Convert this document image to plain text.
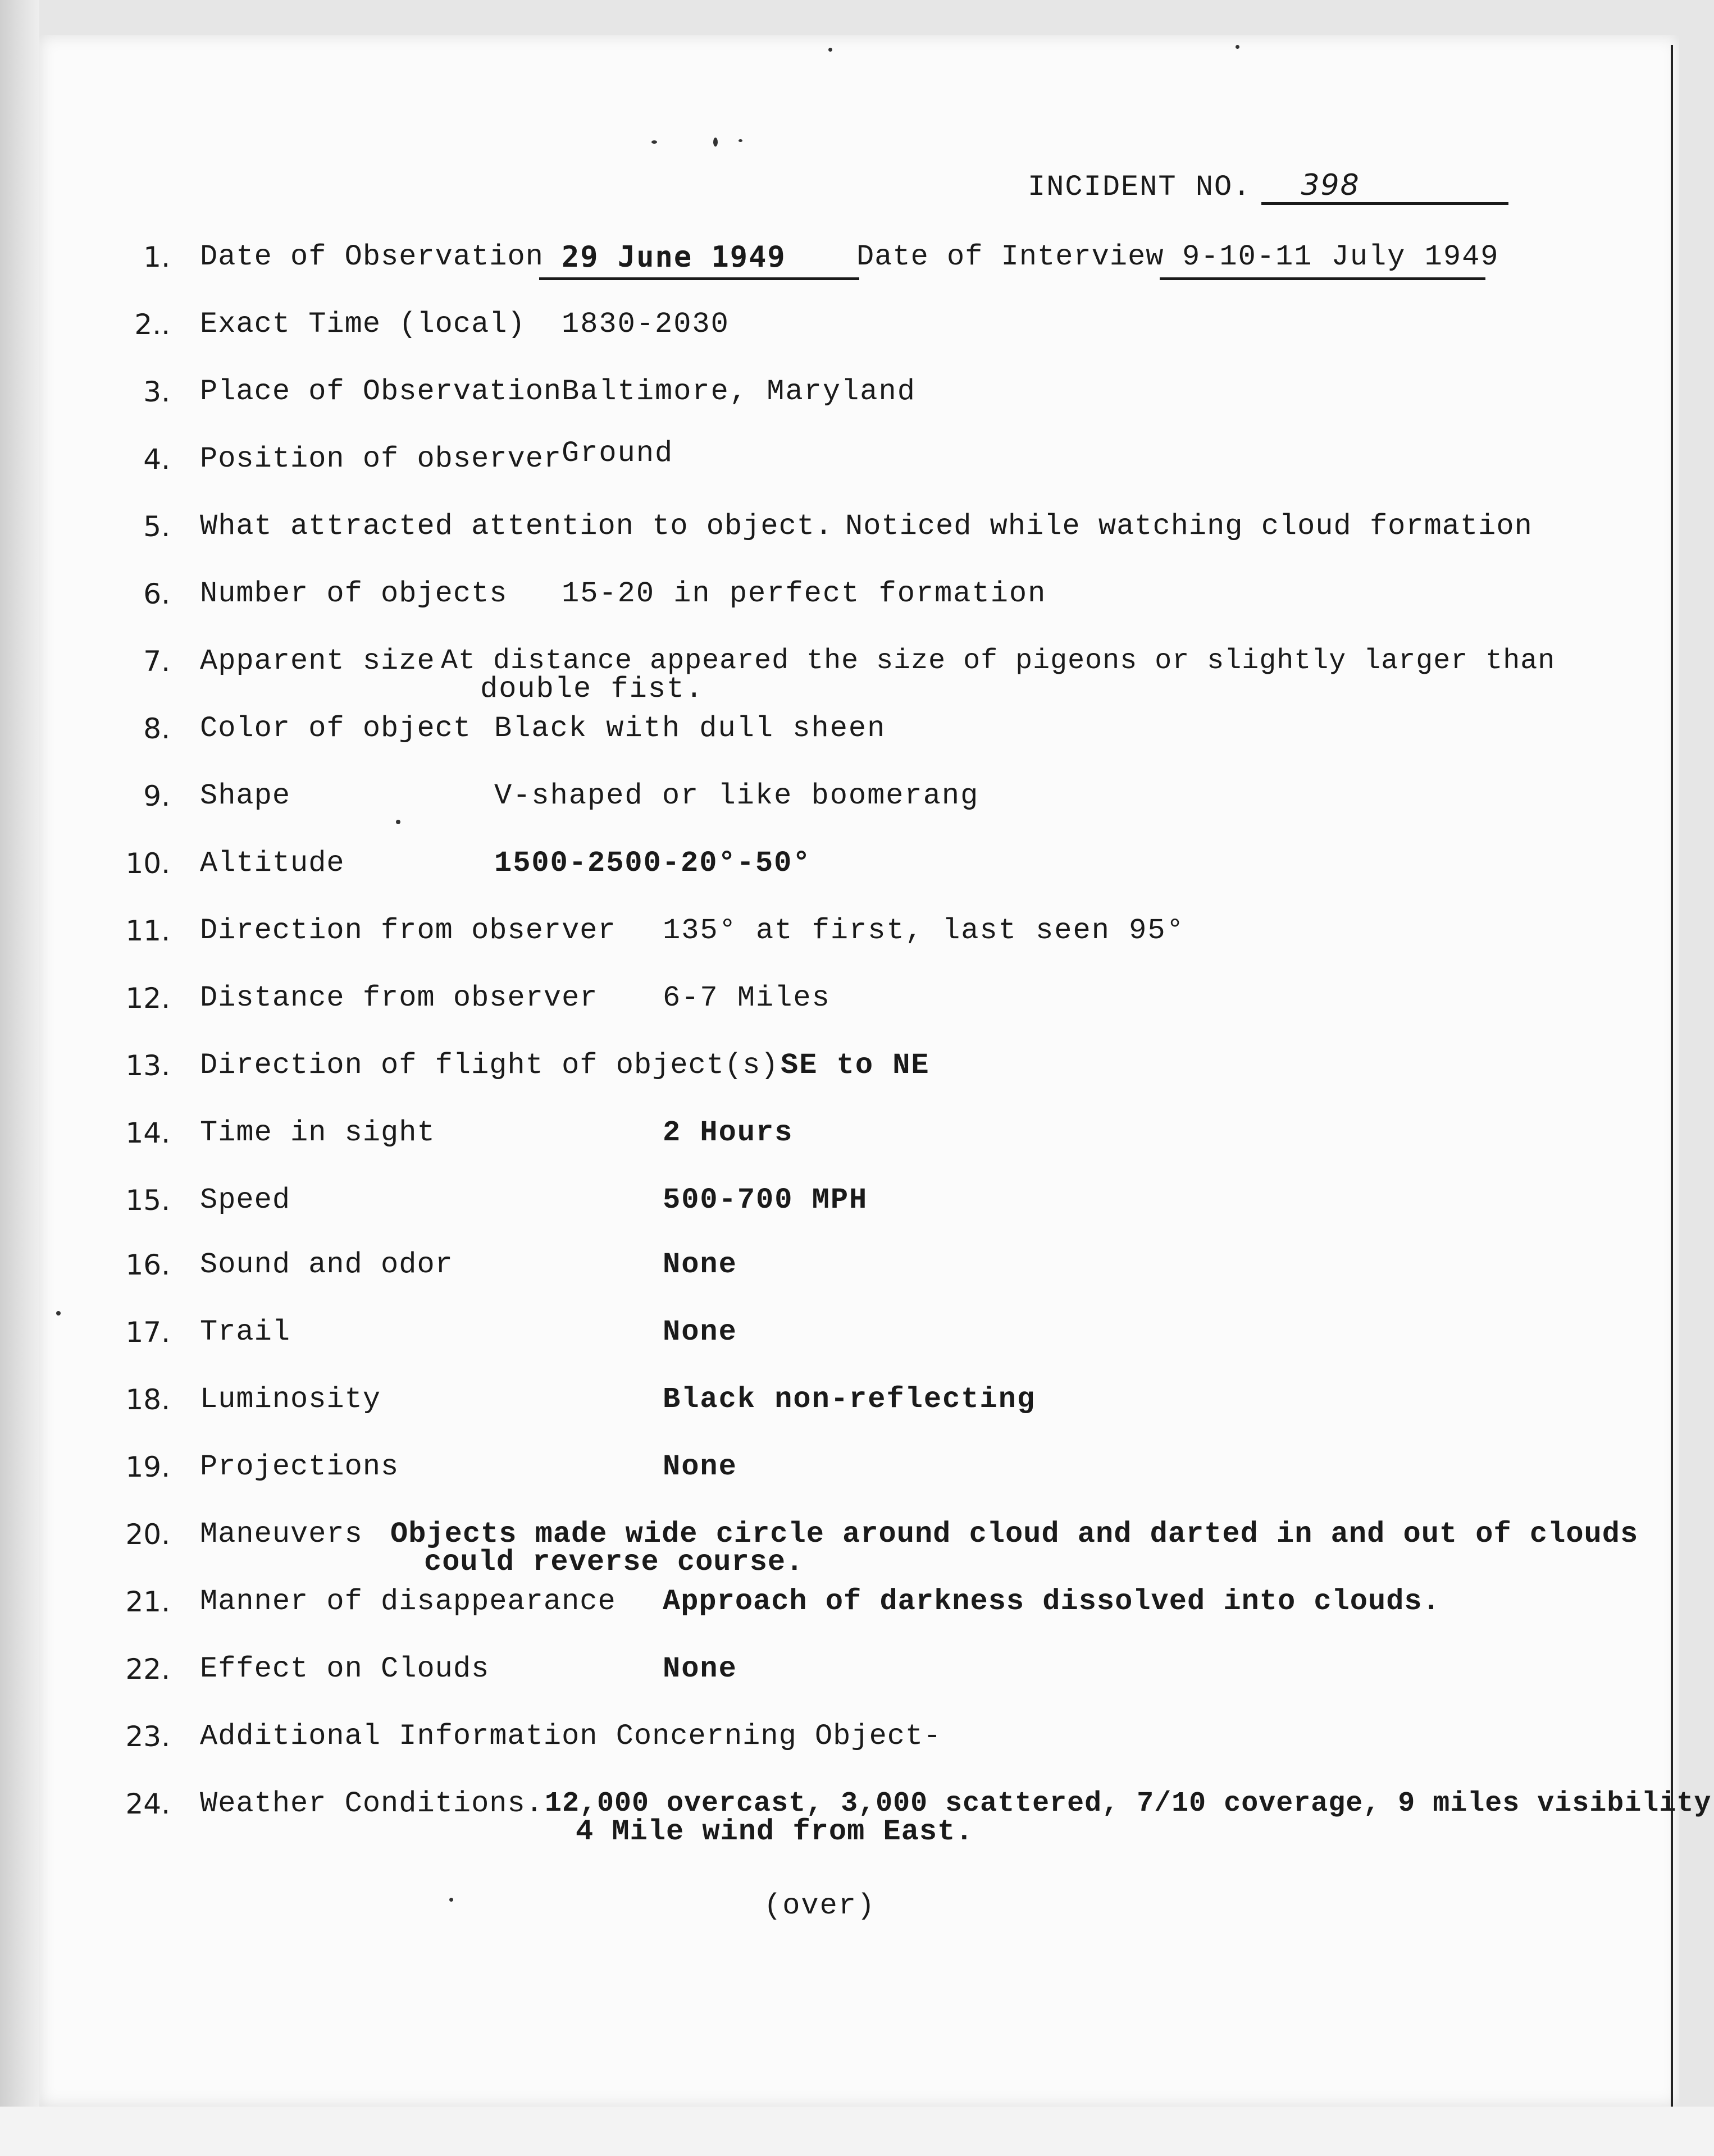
INCIDENT NO. 398
1. Date of Observation 29 June 1949	Date of Interview 9-10-11 July 1949
2.. Exact Time (local) 1830-2030
3. Place of Observation Baltimore, Maryland
4. Position of observer Ground
5. What attracted attention to object. Noticed while watching cloud formation
6. Number of objects 15-20 in perfect formation
7. Apparent size At distance appeared the size of pigeons or slightly larger than
double fist.
8. Color of object Black with dull sheen
9. Shape	V-shaped or like boomerang
10. Altitude	1500-2500-20°-50°
11. Direction from observer 135° at first, last seen 95°
12. Distance from observer 6-7 Miles
13. Direction of flight of object(s) SE to NE
14. Time in sight	2 Hours
15. Speed	500-700 MPH
16. Sound and odor	None
17. Trail	None
18. Luminosity	Black non-reflecting
19. Projections	None
20. Maneuvers Objects made wide circle around cloud and darted in and out of clouds
could reverse course.
21. Manner of disappearance Approach of darkness dissolved into clouds.
22. Effect on Clouds	None
23. Additional Information Concerning Object-
24. Weather Conditions. 12,000 overcast, 3,000 scattered, 7/10 coverage, 9 miles visibility
4 Mile wind from East.
(over)
